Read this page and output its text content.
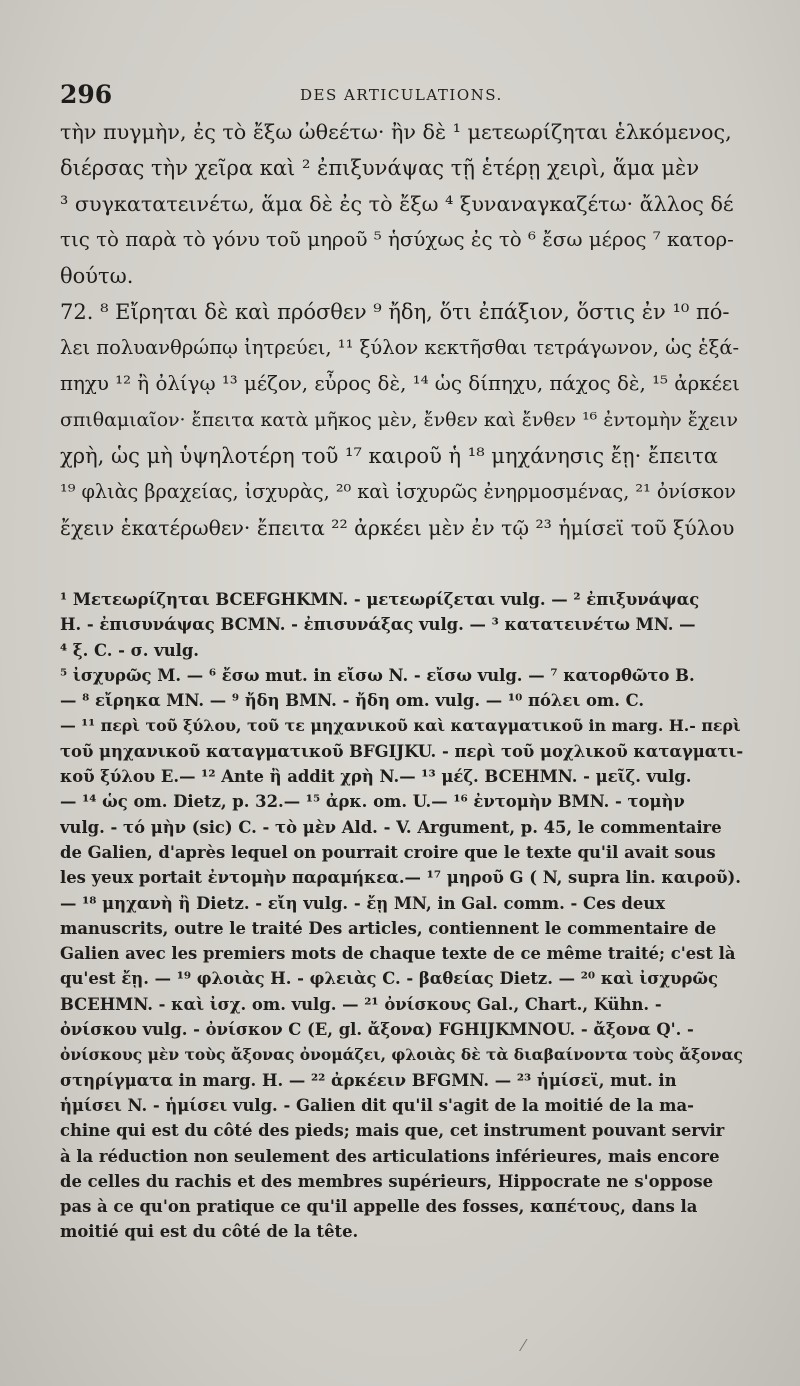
296	DES ARTICULATIONS.
τὴν πυγμὴν, ἐς τὸ ἔξω ὠθεέτω· ἢν δὲ ¹ μετεωρίζηται ἑλκόμενος,
διέρσας τὴν χεῖρα καὶ ² ἐπιξυνάψας τῇ ἑτέρῃ χειρὶ, ἅμα μὲν
³ συγκατατεινέτω, ἅμα δὲ ἐς τὸ ἔξω ⁴ ξυναναγκαζέτω· ἄλλος δέ
τις τὸ παρὰ τὸ γόνυ τοῦ μηροῦ ⁵ ἡσύχως ἐς τὸ ⁶ ἔσω μέρος ⁷ κατορ-
θούτω.
72. ⁸ Εἴρηται δὲ καὶ πρόσθεν ⁹ ἤδη, ὅτι ἐπάξιον, ὅστις ἐν ¹⁰ πό-
λει πολυανθρώπῳ ἰητρεύει, ¹¹ ξύλον κεκτῆσθαι τετράγωνον, ὡς ἑξά-
πηχυ ¹² ἢ ὀλίγῳ ¹³ μέζον, εὖρος δὲ, ¹⁴ ὡς δίπηχυ, πάχος δὲ, ¹⁵ ἀρκέει
σπιθαμιαῖον· ἔπειτα κατὰ μῆκος μὲν, ἔνθεν καὶ ἔνθεν ¹⁶ ἐντομὴν ἔχειν
χρὴ, ὡς μὴ ὑψηλοτέρη τοῦ ¹⁷ καιροῦ ἡ ¹⁸ μηχάνησις ἔῃ· ἔπειτα
¹⁹ φλιὰς βραχείας, ἰσχυρὰς, ²⁰ καὶ ἰσχυρῶς ἐνηρμοσμένας, ²¹ ὀνίσκον
ἔχειν ἑκατέρωθεν· ἔπειτα ²² ἀρκέει μὲν ἐν τῷ ²³ ἡμίσεϊ τοῦ ξύλου
¹ Μετεωρίζηται BCEFGHKMN. - μετεωρίζεται vulg. — ² ἐπιξυνάψας
H. - ἐπισυνάψας BCMN. - ἐπισυνάξας vulg. — ³ κατατεινέτω MN. —
⁴ ξ. C. - σ. vulg.
⁵ ἰσχυρῶς M. — ⁶ ἔσω mut. in εἴσω N. - εἴσω vulg. — ⁷ κατορθῶτο B.
— ⁸ εἴρηκα MN. — ⁹ ἤδη BMN. - ἤδη om. vulg. — ¹⁰ πόλει om. C.
— ¹¹ περὶ τοῦ ξύλου, τοῦ τε μηχανικοῦ καὶ καταγματικοῦ in marg. H.- περὶ
τοῦ μηχανικοῦ καταγματικοῦ BFGIJKU. - περὶ τοῦ μοχλικοῦ καταγματι-
κοῦ ξύλου E.— ¹² Ante ἢ addit χρὴ N.— ¹³ μέζ. BCEHMN. - μεῖζ. vulg.
— ¹⁴ ὡς om. Dietz, p. 32.— ¹⁵ ἀρκ. om. U.— ¹⁶ ἐντομὴν BMN. - τομὴν
vulg. - τό μὴν (sic) C. - τὸ μὲν Ald. - V. Argument, p. 45, le commentaire
de Galien, d'après lequel on pourrait croire que le texte qu'il avait sous
les yeux portait ἐντομὴν παραμήκεα.— ¹⁷ μηροῦ G ( N, supra lin. καιροῦ).
— ¹⁸ μηχανὴ ἢ Dietz. - εἴη vulg. - ἔῃ MN, in Gal. comm. - Ces deux
manuscrits, outre le traité Des articles, contiennent le commentaire de
Galien avec les premiers mots de chaque texte de ce même traité; c'est là
qu'est ἔῃ. — ¹⁹ φλοιὰς H. - φλειὰς C. - βαθείας Dietz. — ²⁰ καὶ ἰσχυρῶς
BCEHMN. - καὶ ἰσχ. om. vulg. — ²¹ ὀνίσκους Gal., Chart., Kühn. -
ὀνίσκου vulg. - ὀνίσκον C (E, gl. ἄξονα) FGHIJKMNOU. - ἄξονα Q'. -
ὀνίσκους μὲν τοὺς ἄξονας ὀνομάζει, φλοιὰς δὲ τὰ διαβαίνοντα τοὺς ἄξονας
στηρίγματα in marg. H. — ²² ἀρκέειν BFGMN. — ²³ ἡμίσεϊ, mut. in
ἡμίσει N. - ἡμίσει vulg. - Galien dit qu'il s'agit de la moitié de la ma-
chine qui est du côté des pieds; mais que, cet instrument pouvant servir
à la réduction non seulement des articulations inférieures, mais encore
de celles du rachis et des membres supérieurs, Hippocrate ne s'oppose
pas à ce qu'on pratique ce qu'il appelle des fosses, καπέτους, dans la
moitié qui est du côté de la tête.
⁄
